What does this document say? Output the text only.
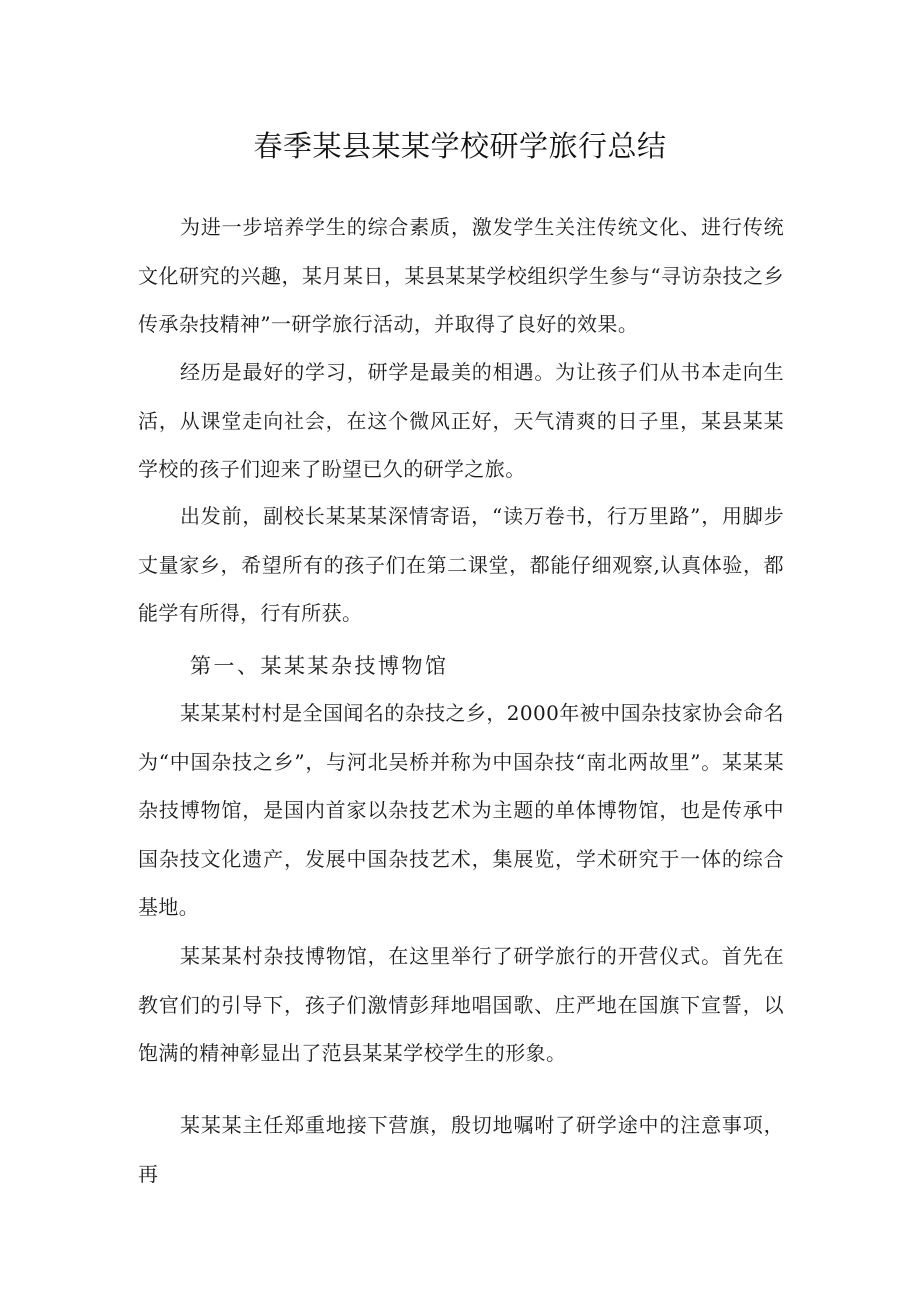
春季某县某某学校研学旅行总结

为进一步培养学生的综合素质，激发学生关注传统文化、进行传统文化研究的兴趣，某月某日，某县某某学校组织学生参与“寻访杂技之乡传承杂技精神”一研学旅行活动，并取得了良好的效果。

经历是最好的学习，研学是最美的相遇。为让孩子们从书本走向生活，从课堂走向社会，在这个微风正好，天气清爽的日子里，某县某某学校的孩子们迎来了盼望已久的研学之旅。

出发前，副校长某某某深情寄语，“读万卷书，行万里路”，用脚步丈量家乡，希望所有的孩子们在第二课堂，都能仔细观察,认真体验，都能学有所得，行有所获。

第一、某某某杂技博物馆

某某某村村是全国闻名的杂技之乡，2000年被中国杂技家协会命名为“中国杂技之乡”，与河北吴桥并称为中国杂技“南北两故里”。某某某杂技博物馆，是国内首家以杂技艺术为主题的单体博物馆，也是传承中国杂技文化遗产，发展中国杂技艺术，集展览，学术研究于一体的综合基地。

某某某村杂技博物馆，在这里举行了研学旅行的开营仪式。首先在教官们的引导下，孩子们激情彭拜地唱国歌、庄严地在国旗下宣誓，以饱满的精神彰显出了范县某某学校学生的形象。

某某某主任郑重地接下营旗，殷切地嘱咐了研学途中的注意事项，再
